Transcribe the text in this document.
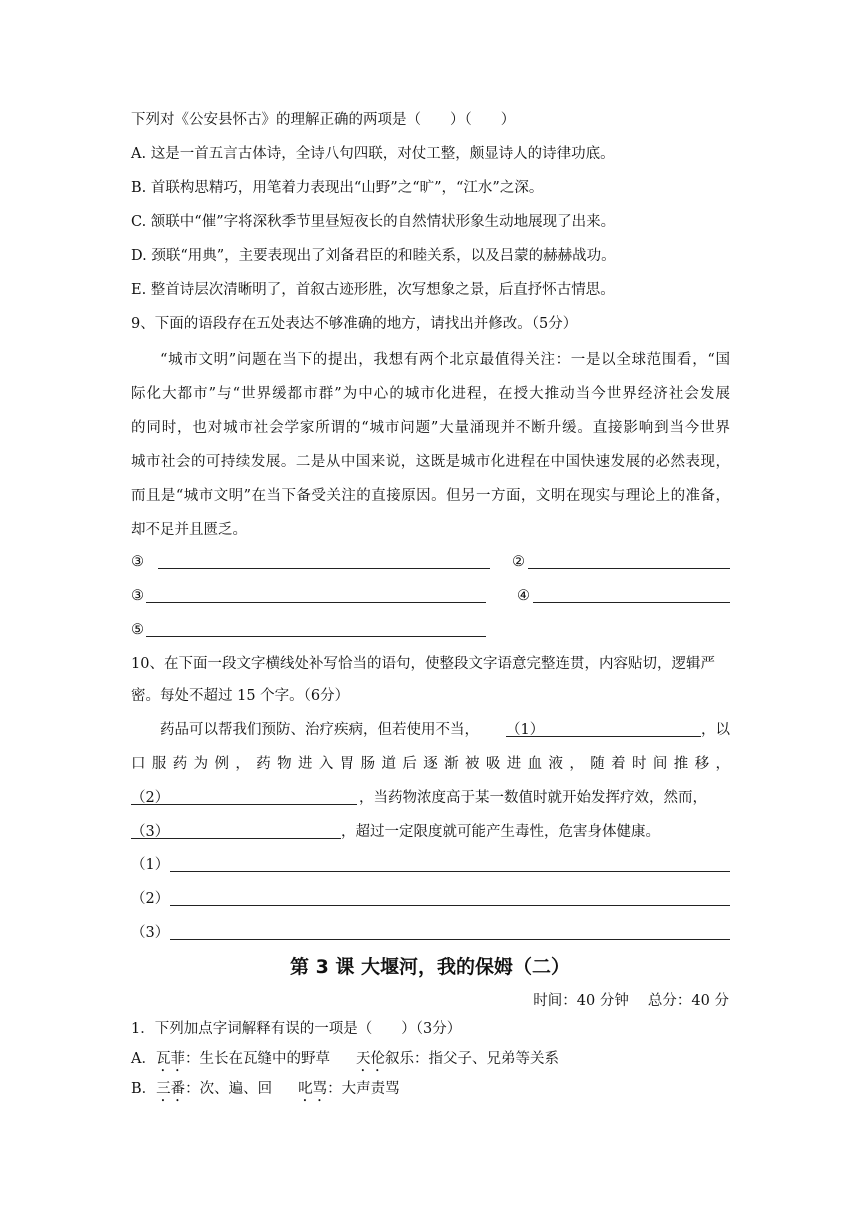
下列对《公安县怀古》的理解正确的两项是（　　）（　　）
A. 这是一首五言古体诗，全诗八句四联，对仗工整，颇显诗人的诗律功底。
B. 首联构思精巧，用笔着力表现出“山野”之“旷”，“江水”之深。
C. 颔联中“催”字将深秋季节里昼短夜长的自然情状形象生动地展现了出来。
D. 颈联“用典”，主要表现出了刘备君臣的和睦关系，以及吕蒙的赫赫战功。
E. 整首诗层次清晰明了，首叙古迹形胜，次写想象之景，后直抒怀古情思。
9、下面的语段存在五处表达不够准确的地方，请找出并修改。（5分）
“城市文明”问题在当下的提出，我想有两个北京最值得关注：一是以全球范围看，“国
际化大都市”与“世界缓都市群”为中心的城市化进程，在授大推动当今世界经济社会发展
的同时，也对城市社会学家所谓的“城市问题”大量涌现并不断升缓。直接影响到当今世界
城市社会的可持续发展。二是从中国来说，这既是城市化进程在中国快速发展的必然表现，
而且是“城市文明”在当下备受关注的直接原因。但另一方面，文明在现实与理论上的准备，
却不足并且匮乏。
③	②
③	④
⑤
10、在下面一段文字横线处补写恰当的语句，使整段文字语意完整连贯，内容贴切，逻辑严
密。每处不超过 15 个字。（6分）
药品可以帮我们预防、治疗疾病，但若使用不当， （1）	，以
口服药为例，药物进入胃肠道后逐渐被吸进血液，随着时间推移，
（2）	，当药物浓度高于某一数值时就开始发挥疗效，然而，
（3）	，超过一定限度就可能产生毒性，危害身体健康。
（1）
（2）
（3）
第 3 课 大堰河，我的保姆（二）
时间：40 分钟　 总分：40 分
1．下列加点字词解释有误的一项是（　　）（3分）
A．瓦菲：生长在瓦缝中的野草 天伦叙乐：指父子、兄弟等关系
B．三番：次、遍、回 叱骂：大声责骂
